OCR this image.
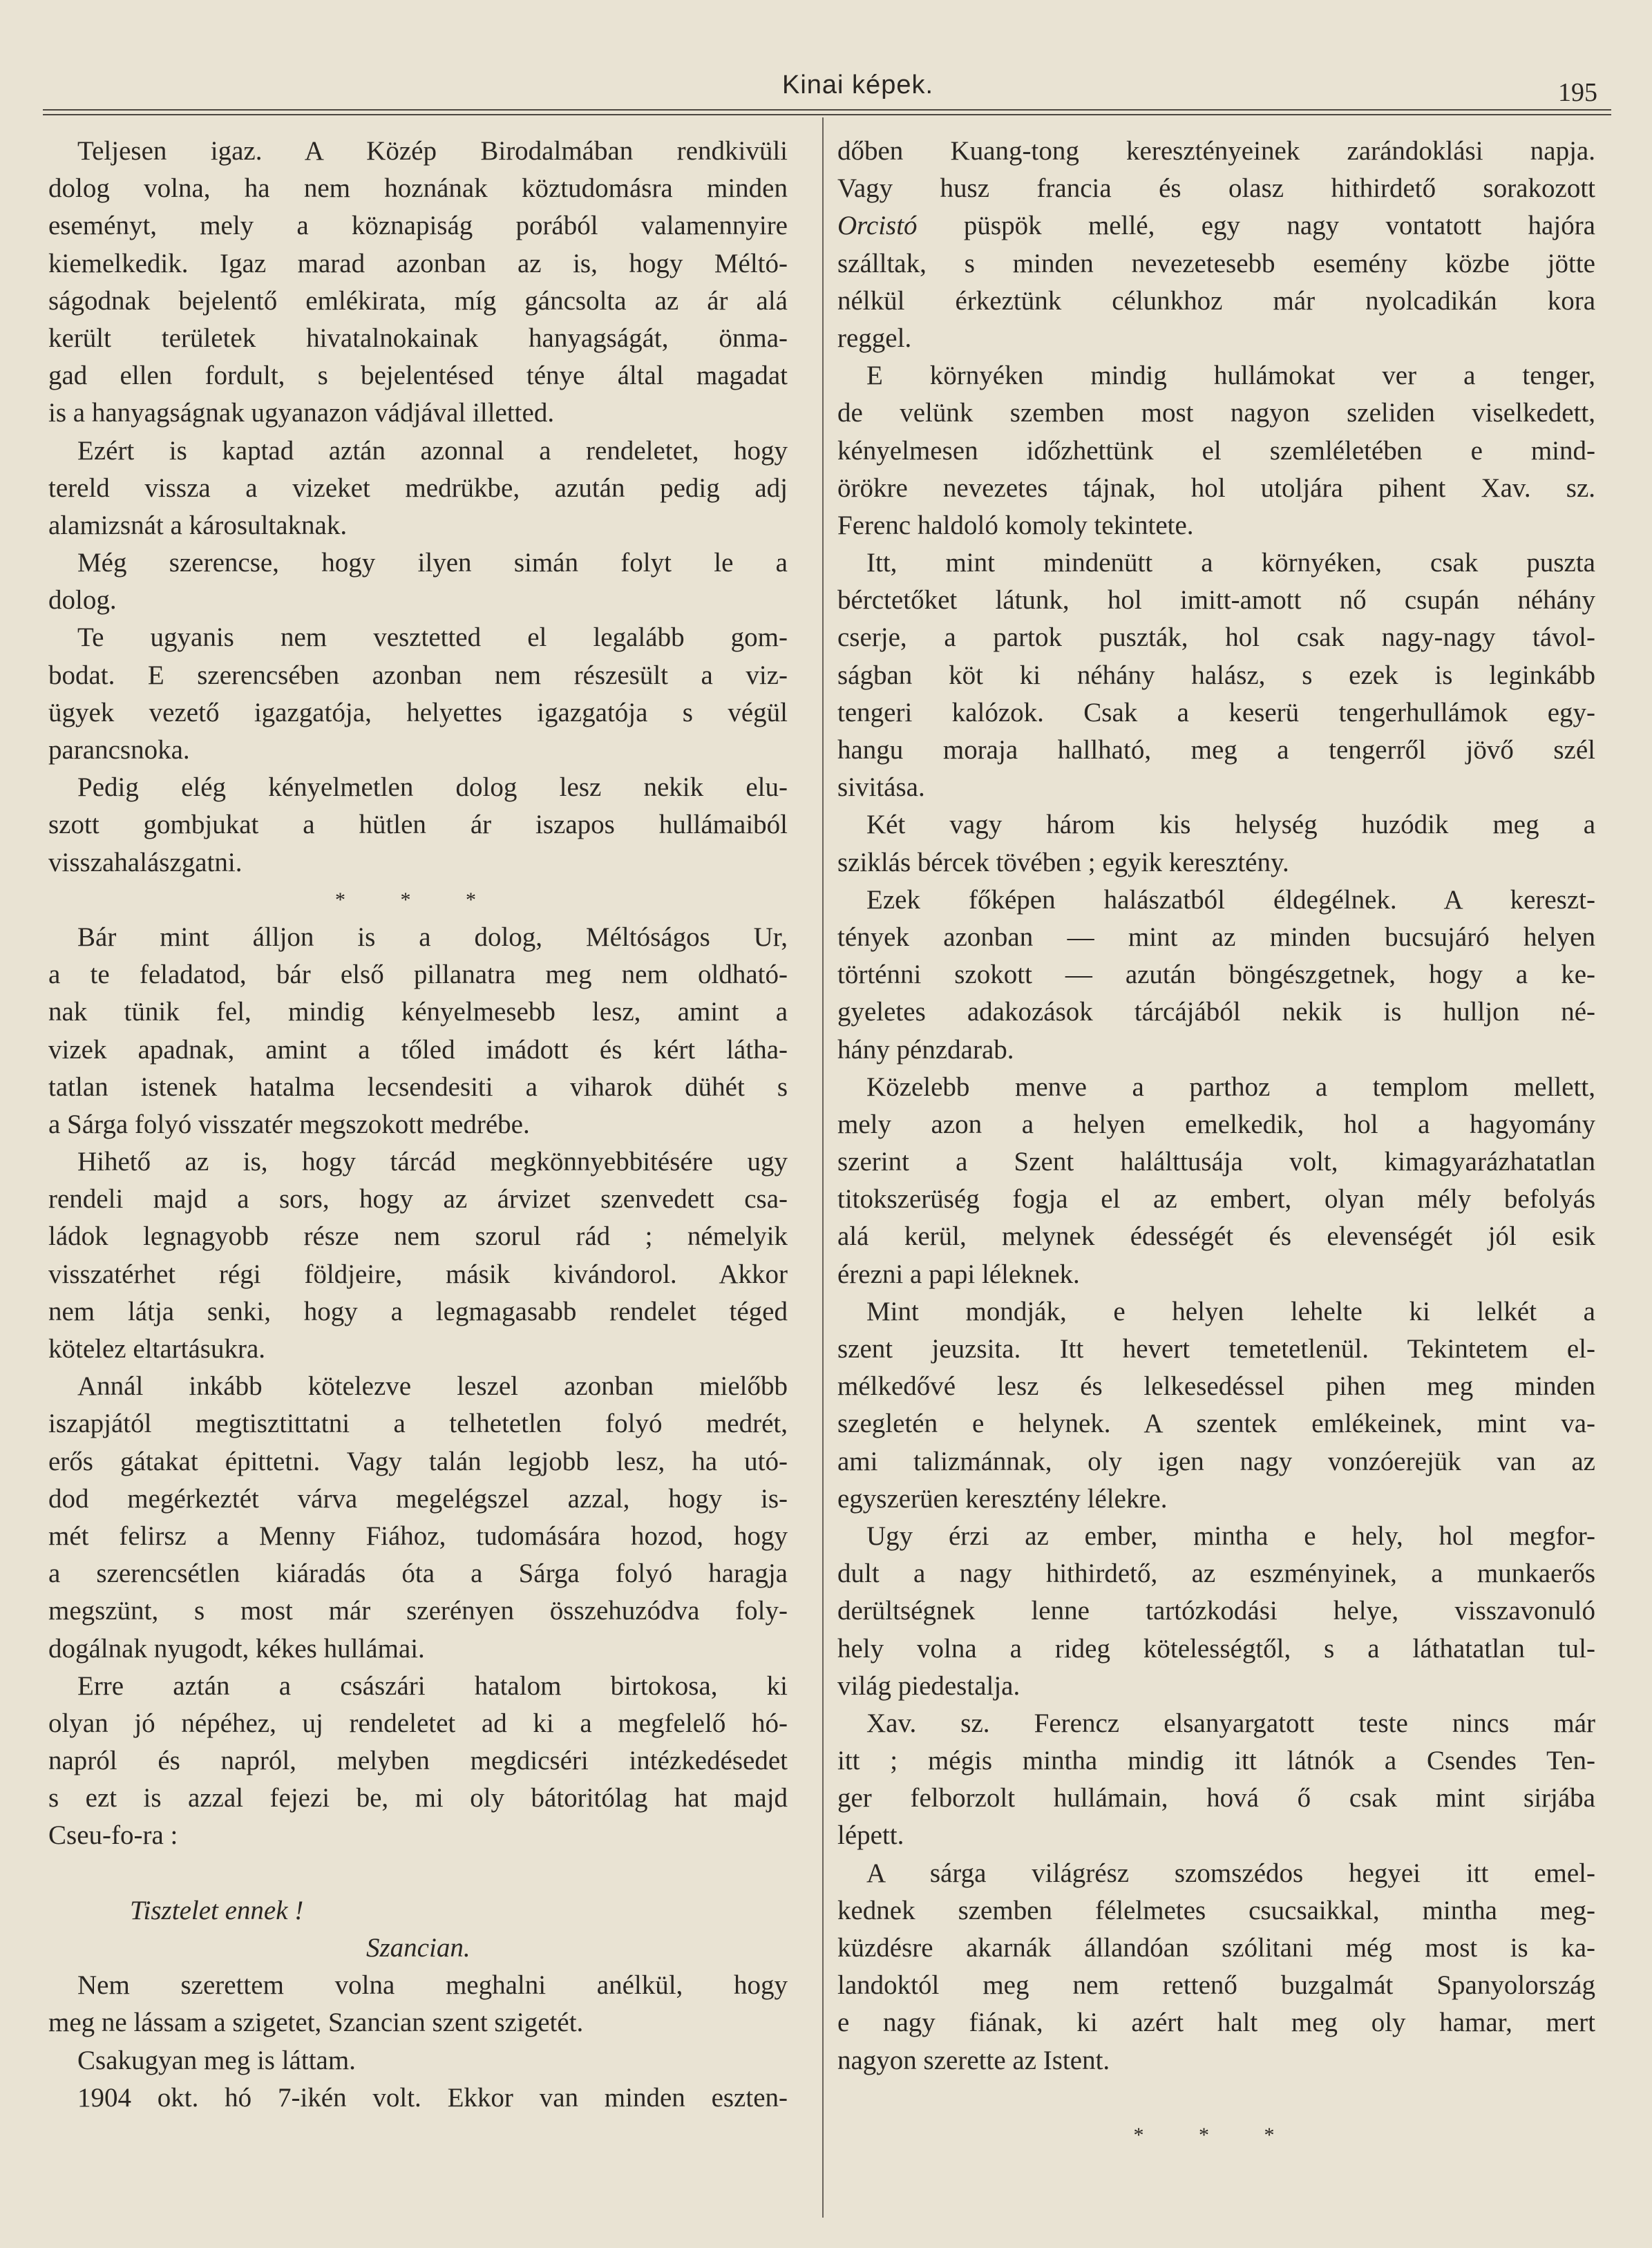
Kinai képek.	195
Teljesen igaz. A Közép Birodalmában rendkivüli
dolog volna, ha nem hoznának köztudomásra minden
eseményt, mely a köznapiság porából valamennyire
kiemelkedik. Igaz marad azonban az is, hogy Méltó-
ságodnak bejelentő emlékirata, míg gáncsolta az ár alá
került területek hivatalnokainak hanyagságát, önma-
gad ellen fordult, s bejelentésed ténye által magadat
is a hanyagságnak ugyanazon vádjával illetted.
Ezért is kaptad aztán azonnal a rendeletet, hogy
tereld vissza a vizeket medrükbe, azután pedig adj
alamizsnát a károsultaknak.
Még szerencse, hogy ilyen simán folyt le a
dolog.
Te ugyanis nem vesztetted el legalább gom-
bodat. E szerencsében azonban nem részesült a viz-
ügyek vezető igazgatója, helyettes igazgatója s végül
parancsnoka.
Pedig elég kényelmetlen dolog lesz nekik elu-
szott gombjukat a hütlen ár iszapos hullámaiból
visszahalászgatni.
* * *
Bár mint álljon is a dolog, Méltóságos Ur,
a te feladatod, bár első pillanatra meg nem oldható-
nak tünik fel, mindig kényelmesebb lesz, amint a
vizek apadnak, amint a tőled imádott és kért látha-
tatlan istenek hatalma lecsendesiti a viharok dühét s
a Sárga folyó visszatér megszokott medrébe.
Hihető az is, hogy tárcád megkönnyebbitésére ugy
rendeli majd a sors, hogy az árvizet szenvedett csa-
ládok legnagyobb része nem szorul rád ; némelyik
visszatérhet régi földjeire, másik kivándorol. Akkor
nem látja senki, hogy a legmagasabb rendelet téged
kötelez eltartásukra.
Annál inkább kötelezve leszel azonban mielőbb
iszapjától megtisztittatni a telhetetlen folyó medrét,
erős gátakat épittetni. Vagy talán legjobb lesz, ha utó-
dod megérkeztét várva megelégszel azzal, hogy is-
mét felirsz a Menny Fiához, tudomására hozod, hogy
a szerencsétlen kiáradás óta a Sárga folyó haragja
megszünt, s most már szerényen összehuzódva foly-
dogálnak nyugodt, kékes hullámai.
Erre aztán a császári hatalom birtokosa, ki
olyan jó népéhez, uj rendeletet ad ki a megfelelő hó-
napról és napról, melyben megdicséri intézkedésedet
s ezt is azzal fejezi be, mi oly bátoritólag hat majd
Cseu-fo-ra :
Tisztelet ennek !
Szancian.
Nem szerettem volna meghalni anélkül, hogy
meg ne lássam a szigetet, Szancian szent szigetét.
Csakugyan meg is láttam.
1904 okt. hó 7-ikén volt. Ekkor van minden eszten-
dőben Kuang-tong keresztényeinek zarándoklási napja.
Vagy husz francia és olasz hithirdető sorakozott
Orcistó püspök mellé, egy nagy vontatott hajóra
szálltak, s minden nevezetesebb esemény közbe jötte
nélkül érkeztünk célunkhoz már nyolcadikán kora
reggel.
E környéken mindig hullámokat ver a tenger,
de velünk szemben most nagyon szeliden viselkedett,
kényelmesen időzhettünk el szemléletében e mind-
örökre nevezetes tájnak, hol utoljára pihent Xav. sz.
Ferenc haldoló komoly tekintete.
Itt, mint mindenütt a környéken, csak puszta
bérctetőket látunk, hol imitt-amott nő csupán néhány
cserje, a partok puszták, hol csak nagy-nagy távol-
ságban köt ki néhány halász, s ezek is leginkább
tengeri kalózok. Csak a keserü tengerhullámok egy-
hangu moraja hallható, meg a tengerről jövő szél
sivitása.
Két vagy három kis helység huzódik meg a
sziklás bércek tövében ; egyik keresztény.
Ezek főképen halászatból éldegélnek. A kereszt-
tények azonban — mint az minden bucsujáró helyen
történni szokott — azután böngészgetnek, hogy a ke-
gyeletes adakozások tárcájából nekik is hulljon né-
hány pénzdarab.
Közelebb menve a parthoz a templom mellett,
mely azon a helyen emelkedik, hol a hagyomány
szerint a Szent halálttusája volt, kimagyarázhatatlan
titokszerüség fogja el az embert, olyan mély befolyás
alá kerül, melynek édességét és elevenségét jól esik
érezni a papi léleknek.
Mint mondják, e helyen lehelte ki lelkét a
szent jeuzsita. Itt hevert temetetlenül. Tekintetem el-
mélkedővé lesz és lelkesedéssel pihen meg minden
szegletén e helynek. A szentek emlékeinek, mint va-
ami talizmánnak, oly igen nagy vonzóerejük van az
egyszerüen keresztény lélekre.
Ugy érzi az ember, mintha e hely, hol megfor-
dult a nagy hithirdető, az eszményinek, a munkaerős
derültségnek lenne tartózkodási helye, visszavonuló
hely volna a rideg kötelességtől, s a láthatatlan tul-
világ piedestalja.
Xav. sz. Ferencz elsanyargatott teste nincs már
itt ; mégis mintha mindig itt látnók a Csendes Ten-
ger felborzolt hullámain, hová ő csak mint sirjába
lépett.
A sárga világrész szomszédos hegyei itt emel-
kednek szemben félelmetes csucsaikkal, mintha meg-
küzdésre akarnák állandóan szólitani még most is ka-
landoktól meg nem rettenő buzgalmát Spanyolország
e nagy fiának, ki azért halt meg oly hamar, mert
nagyon szerette az Istent.
* * *
